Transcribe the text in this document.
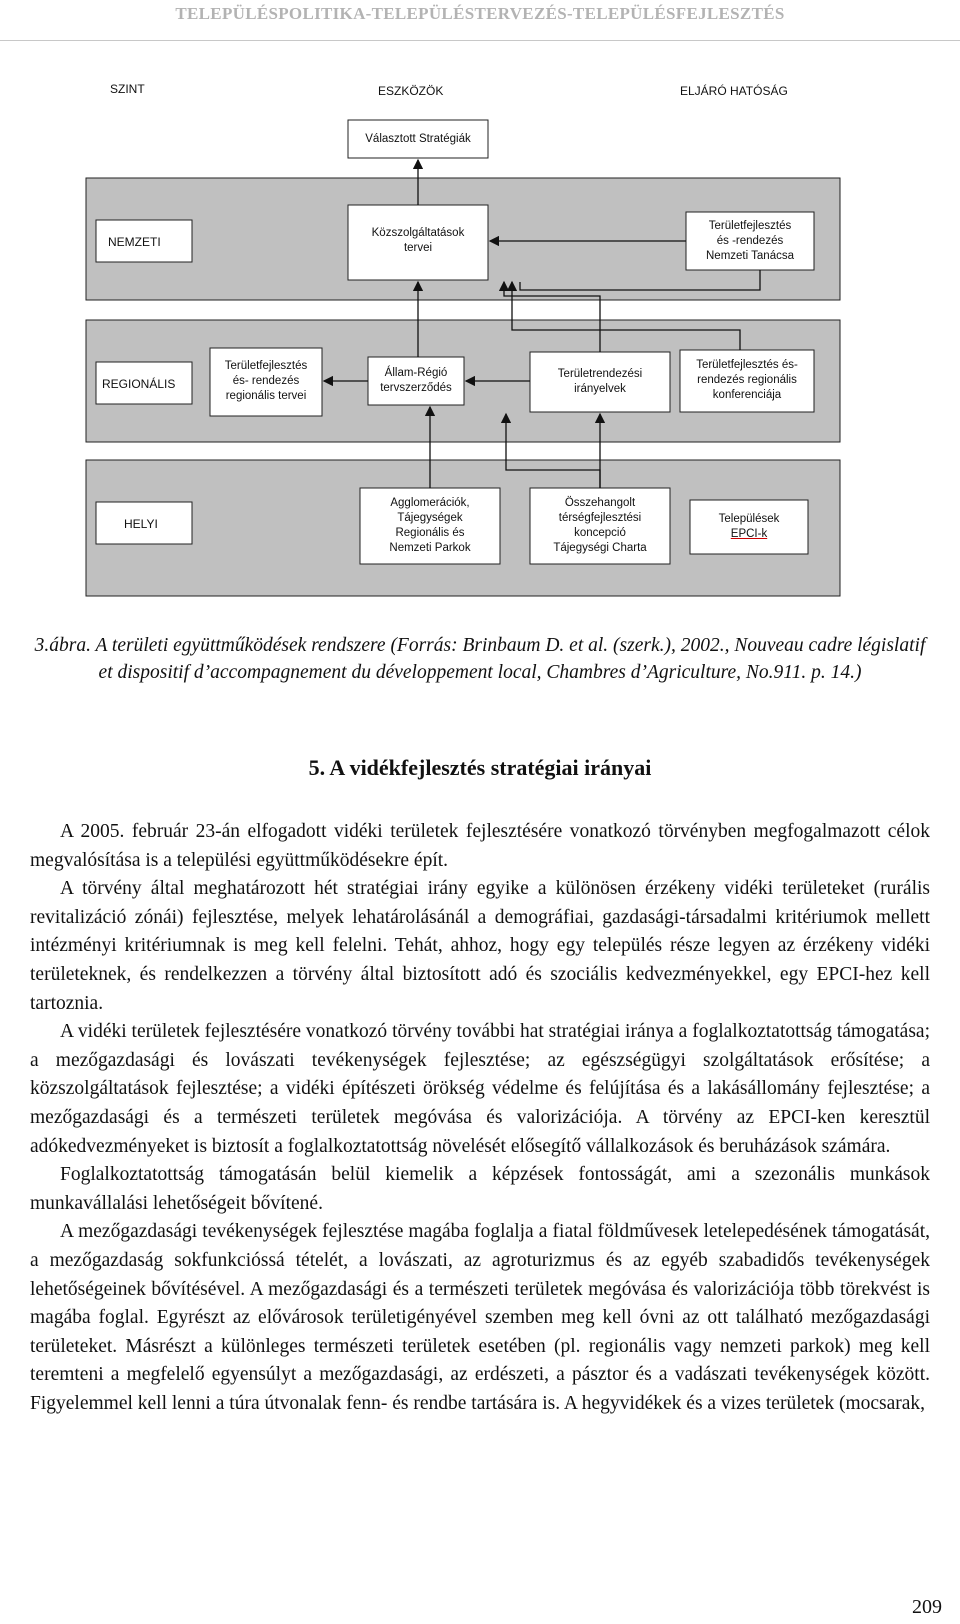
TELEPÜLÉSPOLITIKA-TELEPÜLÉSTERVEZÉS-TELEPÜLÉSFEJLESZTÉS
SZINT	ESZKÖZÖK	ELJÁRÓ HATÓSÁG
Választott Stratégiák
NEMZETI
Közszolgáltatások
tervei
Területfejlesztés
és -rendezés
Nemzeti Tanácsa
REGIONÁLIS
Területfejlesztés
és- rendezés
regionális tervei
Állam-Régió
tervszerződés
Területrendezési
irányelvek
Területfejlesztés és-
rendezés regionális
konferenciája
HELYI
Agglomerációk,
Tájegységek
Regionális és
Nemzeti Parkok
Összehangolt
térségfejlesztési
koncepció
Tájegységi Charta
Települések
EPCI-k
3.ábra. A területi együttműködések rendszere (Forrás: Brinbaum D. et al. (szerk.), 2002., Nouveau cadre législatif et dispositif d’accompagnement du développement local, Chambres d’Agriculture, No.911. p. 14.)
5. A vidékfejlesztés stratégiai irányai

A 2005. február 23-án elfogadott vidéki területek fejlesztésére vonatkozó törvényben megfogalmazott célok megvalósítása is a települési együttműködésekre épít.

A törvény által meghatározott hét stratégiai irány egyike a különösen érzékeny vidéki területeket (rurális revitalizáció zónái) fejlesztése, melyek lehatárolásánál a demográfiai, gazdasági-társadalmi kritériumok mellett intézményi kritériumnak is meg kell felelni. Tehát, ahhoz, hogy egy település része legyen az érzékeny vidéki területeknek, és rendelkezzen a törvény által biztosított adó és szociális kedvezményekkel, egy EPCI-hez kell tartoznia.

A vidéki területek fejlesztésére vonatkozó törvény további hat stratégiai iránya a foglalkoztatottság támogatása; a mezőgazdasági és lovászati tevékenységek fejlesztése; az egészségügyi szolgáltatások erősítése; a közszolgáltatások fejlesztése; a vidéki építészeti örökség védelme és felújítása és a lakásállomány fejlesztése; a mezőgazdasági és a természeti területek megóvása és valorizációja. A törvény az EPCI-ken keresztül adókedvezményeket is biztosít a foglalkoztatottság növelését elősegítő vállalkozások és beruházások számára.

Foglalkoztatottság támogatásán belül kiemelik a képzések fontosságát, ami a szezonális munkások munkavállalási lehetőségeit bővítené.

A mezőgazdasági tevékenységek fejlesztése magába foglalja a fiatal földművesek letelepedésének támogatását, a mezőgazdaság sokfunkcióssá tételét, a lovászati, az agroturizmus és az egyéb szabadidős tevékenységek lehetőségeinek bővítésével. A mezőgazdasági és a természeti területek megóvása és valorizációja több törekvést is magába foglal. Egyrészt az elővárosok területigényével szemben meg kell óvni az ott található mezőgazdasági területeket. Másrészt a különleges természeti területek esetében (pl. regionális vagy nemzeti parkok) meg kell teremteni a megfelelő egyensúlyt a mezőgazdasági, az erdészeti, a pásztor és a vadászati tevékenységek között. Figyelemmel kell lenni a túra útvonalak fenn- és rendbe tartására is. A hegyvidékek és a vizes területek (mocsarak,

209
